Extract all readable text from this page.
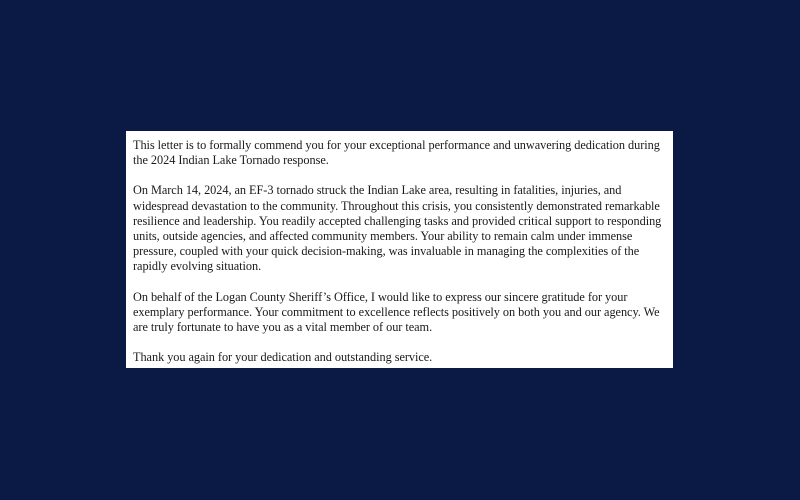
This letter is to formally commend you for your exceptional performance and unwavering dedication during the 2024 Indian Lake Tornado response.

On March 14, 2024, an EF-3 tornado struck the Indian Lake area, resulting in fatalities, injuries, and widespread devastation to the community. Throughout this crisis, you consistently demonstrated remarkable resilience and leadership. You readily accepted challenging tasks and provided critical support to responding units, outside agencies, and affected community members. Your ability to remain calm under immense pressure, coupled with your quick decision-making, was invaluable in managing the complexities of the rapidly evolving situation.

On behalf of the Logan County Sheriff’s Office, I would like to express our sincere gratitude for your exemplary performance. Your commitment to excellence reflects positively on both you and our agency. We are truly fortunate to have you as a vital member of our team.

Thank you again for your dedication and outstanding service.
